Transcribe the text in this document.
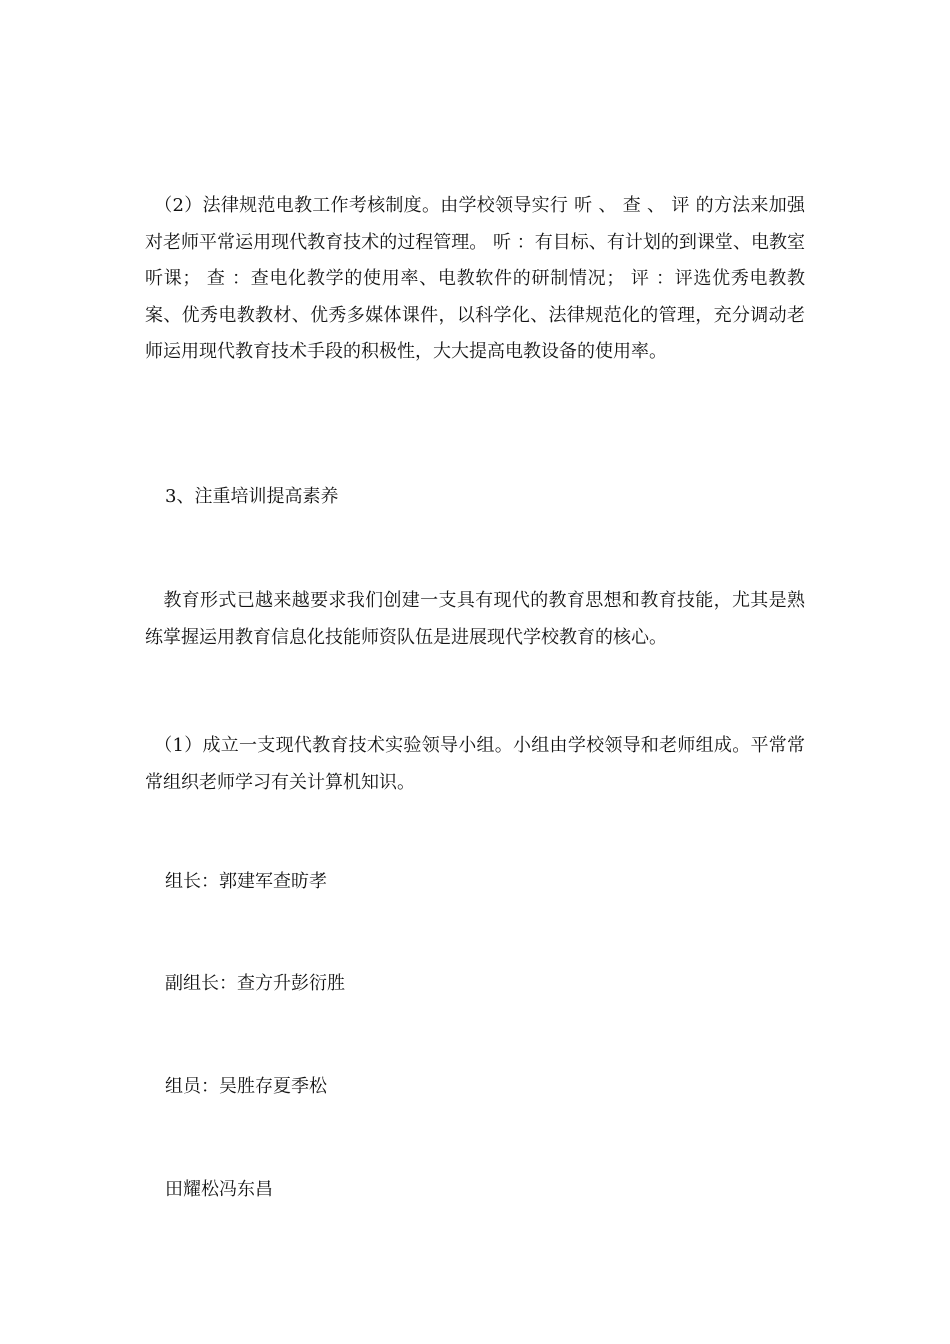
　（2）法律规范电教工作考核制度。由学校领导实行 听 、 查 、 评 的方法来加强对老师平常运用现代教育技术的过程管理。 听 ：有目标、有计划的到课堂、电教室听课； 查 ：查电化教学的使用率、电教软件的研制情况； 评 ：评选优秀电教教案、优秀电教教材、优秀多媒体课件，以科学化、法律规范化的管理，充分调动老师运用现代教育技术手段的积极性，大大提高电教设备的使用率。

3、注重培训提高素养

　教育形式已越来越要求我们创建一支具有现代的教育思想和教育技能，尤其是熟练掌握运用教育信息化技能师资队伍是进展现代学校教育的核心。

　（1）成立一支现代教育技术实验领导小组。小组由学校领导和老师组成。平常常常组织老师学习有关计算机知识。

组长：郭建军查昉孝

副组长：查方升彭衍胜

组员：吴胜存夏季松

田耀松冯东昌
